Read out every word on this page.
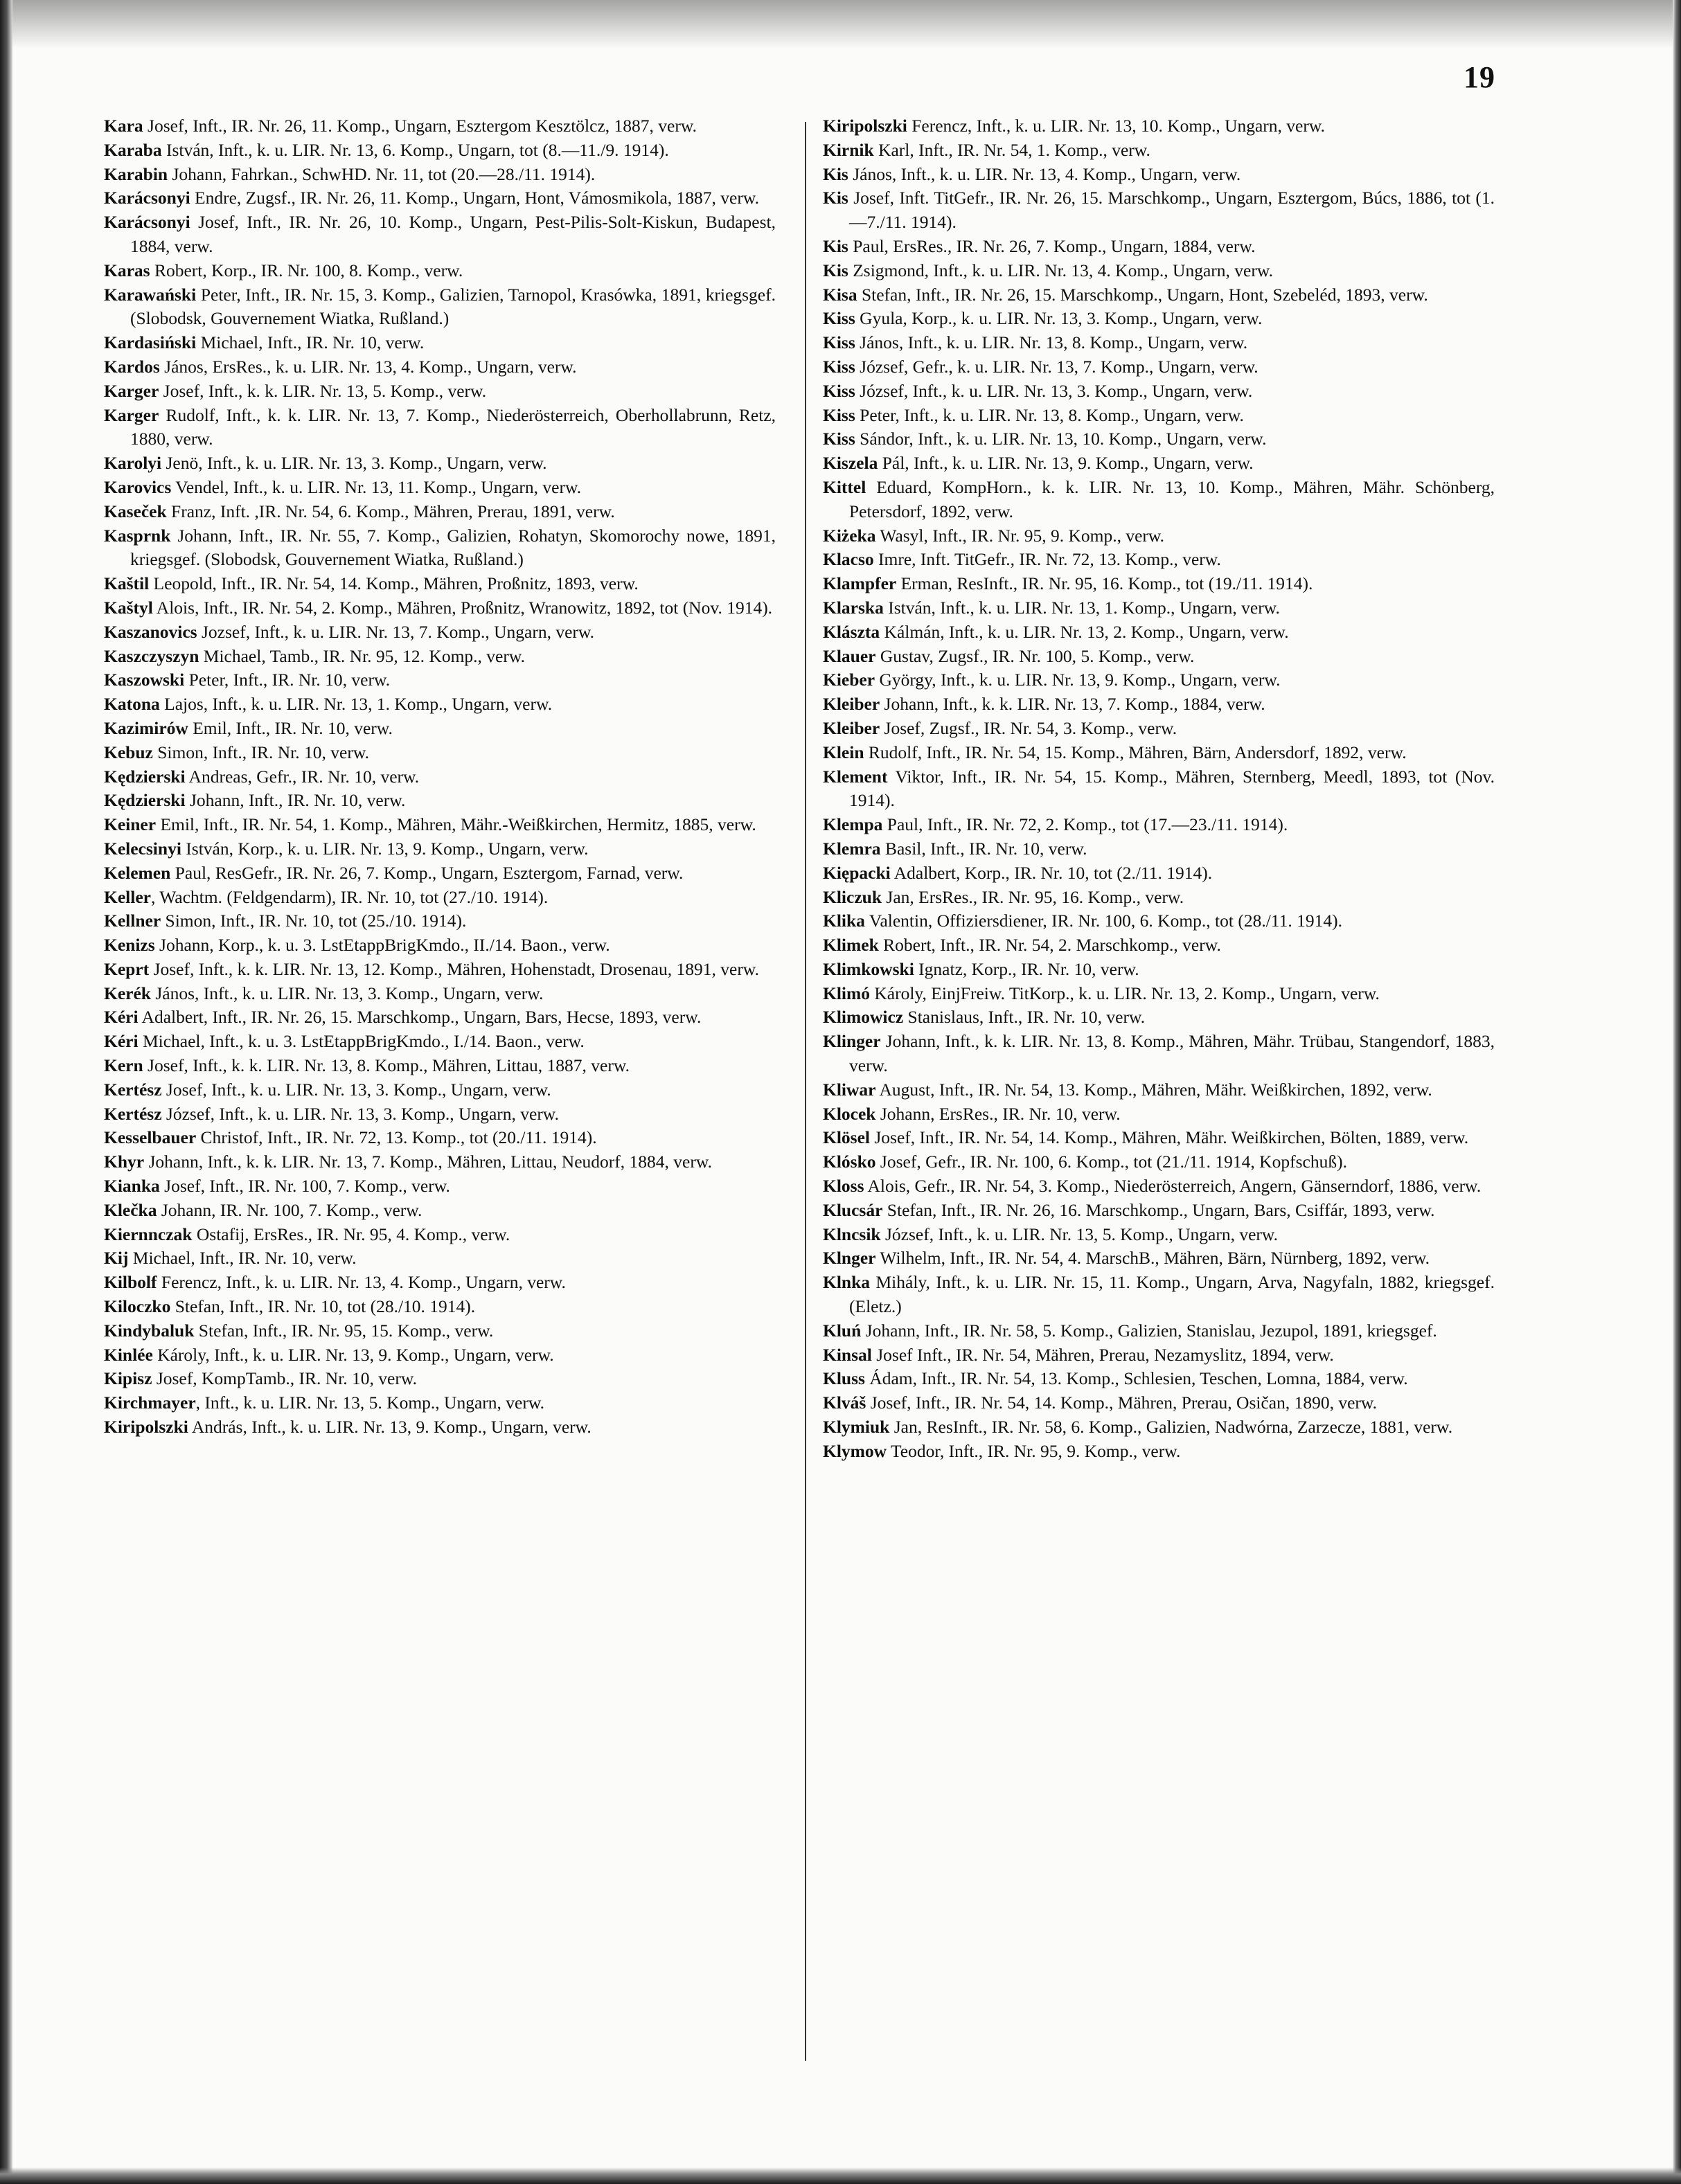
19

Kara Josef, Inft., IR. Nr. 26, 11. Komp., Ungarn, Esztergom Kesztölcz, 1887, verw.

Karaba István, Inft., k. u. LIR. Nr. 13, 6. Komp., Ungarn, tot (8.—11./9. 1914).

Karabin Johann, Fahrkan., SchwHD. Nr. 11, tot (20.—28./11. 1914).

Karácsonyi Endre, Zugsf., IR. Nr. 26, 11. Komp., Ungarn, Hont, Vámosmikola, 1887, verw.

Karácsonyi Josef, Inft., IR. Nr. 26, 10. Komp., Ungarn, Pest-Pilis-Solt-Kiskun, Budapest, 1884, verw.

Karas Robert, Korp., IR. Nr. 100, 8. Komp., verw.

Karawański Peter, Inft., IR. Nr. 15, 3. Komp., Galizien, Tarnopol, Krasówka, 1891, kriegsgef. (Slobodsk, Gouvernement Wiatka, Rußland.)

Kardasiński Michael, Inft., IR. Nr. 10, verw.

Kardos János, ErsRes., k. u. LIR. Nr. 13, 4. Komp., Ungarn, verw.

Karger Josef, Inft., k. k. LIR. Nr. 13, 5. Komp., verw.

Karger Rudolf, Inft., k. k. LIR. Nr. 13, 7. Komp., Niederösterreich, Oberhollabrunn, Retz, 1880, verw.

Karolyi Jenö, Inft., k. u. LIR. Nr. 13, 3. Komp., Ungarn, verw.

Karovics Vendel, Inft., k. u. LIR. Nr. 13, 11. Komp., Ungarn, verw.

Kaseček Franz, Inft. ,IR. Nr. 54, 6. Komp., Mähren, Prerau, 1891, verw.

Kasprnk Johann, Inft., IR. Nr. 55, 7. Komp., Galizien, Rohatyn, Skomorochy nowe, 1891, kriegsgef. (Slobodsk, Gouvernement Wiatka, Rußland.)

Kaštil Leopold, Inft., IR. Nr. 54, 14. Komp., Mähren, Proßnitz, 1893, verw.

Kaštyl Alois, Inft., IR. Nr. 54, 2. Komp., Mähren, Proßnitz, Wranowitz, 1892, tot (Nov. 1914).

Kaszanovics Jozsef, Inft., k. u. LIR. Nr. 13, 7. Komp., Ungarn, verw.

Kaszczyszyn Michael, Tamb., IR. Nr. 95, 12. Komp., verw.

Kaszowski Peter, Inft., IR. Nr. 10, verw.

Katona Lajos, Inft., k. u. LIR. Nr. 13, 1. Komp., Ungarn, verw.

Kazimirów Emil, Inft., IR. Nr. 10, verw.

Kebuz Simon, Inft., IR. Nr. 10, verw.

Kędzierski Andreas, Gefr., IR. Nr. 10, verw.

Kędzierski Johann, Inft., IR. Nr. 10, verw.

Keiner Emil, Inft., IR. Nr. 54, 1. Komp., Mähren, Mähr.-Weißkirchen, Hermitz, 1885, verw.

Kelecsinyi István, Korp., k. u. LIR. Nr. 13, 9. Komp., Ungarn, verw.

Kelemen Paul, ResGefr., IR. Nr. 26, 7. Komp., Ungarn, Esztergom, Farnad, verw.

Keller, Wachtm. (Feldgendarm), IR. Nr. 10, tot (27./10. 1914).

Kellner Simon, Inft., IR. Nr. 10, tot (25./10. 1914).

Kenizs Johann, Korp., k. u. 3. LstEtappBrigKmdo., II./14. Baon., verw.

Keprt Josef, Inft., k. k. LIR. Nr. 13, 12. Komp., Mähren, Hohenstadt, Drosenau, 1891, verw.

Kerék János, Inft., k. u. LIR. Nr. 13, 3. Komp., Ungarn, verw.

Kéri Adalbert, Inft., IR. Nr. 26, 15. Marschkomp., Ungarn, Bars, Hecse, 1893, verw.

Kéri Michael, Inft., k. u. 3. LstEtappBrigKmdo., I./14. Baon., verw.

Kern Josef, Inft., k. k. LIR. Nr. 13, 8. Komp., Mähren, Littau, 1887, verw.

Kertész Josef, Inft., k. u. LIR. Nr. 13, 3. Komp., Ungarn, verw.

Kertész József, Inft., k. u. LIR. Nr. 13, 3. Komp., Ungarn, verw.

Kesselbauer Christof, Inft., IR. Nr. 72, 13. Komp., tot (20./11. 1914).

Khyr Johann, Inft., k. k. LIR. Nr. 13, 7. Komp., Mähren, Littau, Neudorf, 1884, verw.

Kianka Josef, Inft., IR. Nr. 100, 7. Komp., verw.

Klečka Johann, IR. Nr. 100, 7. Komp., verw.

Kiernnczak Ostafij, ErsRes., IR. Nr. 95, 4. Komp., verw.

Kij Michael, Inft., IR. Nr. 10, verw.

Kilbolf Ferencz, Inft., k. u. LIR. Nr. 13, 4. Komp., Ungarn, verw.

Kiloczko Stefan, Inft., IR. Nr. 10, tot (28./10. 1914).

Kindybaluk Stefan, Inft., IR. Nr. 95, 15. Komp., verw.

Kinlée Károly, Inft., k. u. LIR. Nr. 13, 9. Komp., Ungarn, verw.

Kipisz Josef, KompTamb., IR. Nr. 10, verw.

Kirchmayer, Inft., k. u. LIR. Nr. 13, 5. Komp., Ungarn, verw.

Kiripolszki András, Inft., k. u. LIR. Nr. 13, 9. Komp., Ungarn, verw.

Kiripolszki Ferencz, Inft., k. u. LIR. Nr. 13, 10. Komp., Ungarn, verw.

Kirnik Karl, Inft., IR. Nr. 54, 1. Komp., verw.

Kis János, Inft., k. u. LIR. Nr. 13, 4. Komp., Ungarn, verw.

Kis Josef, Inft. TitGefr., IR. Nr. 26, 15. Marschkomp., Ungarn, Esztergom, Búcs, 1886, tot (1.—7./11. 1914).

Kis Paul, ErsRes., IR. Nr. 26, 7. Komp., Ungarn, 1884, verw.

Kis Zsigmond, Inft., k. u. LIR. Nr. 13, 4. Komp., Ungarn, verw.

Kisa Stefan, Inft., IR. Nr. 26, 15. Marschkomp., Ungarn, Hont, Szebeléd, 1893, verw.

Kiss Gyula, Korp., k. u. LIR. Nr. 13, 3. Komp., Ungarn, verw.

Kiss János, Inft., k. u. LIR. Nr. 13, 8. Komp., Ungarn, verw.

Kiss József, Gefr., k. u. LIR. Nr. 13, 7. Komp., Ungarn, verw.

Kiss József, Inft., k. u. LIR. Nr. 13, 3. Komp., Ungarn, verw.

Kiss Peter, Inft., k. u. LIR. Nr. 13, 8. Komp., Ungarn, verw.

Kiss Sándor, Inft., k. u. LIR. Nr. 13, 10. Komp., Ungarn, verw.

Kiszela Pál, Inft., k. u. LIR. Nr. 13, 9. Komp., Ungarn, verw.

Kittel Eduard, KompHorn., k. k. LIR. Nr. 13, 10. Komp., Mähren, Mähr. Schönberg, Petersdorf, 1892, verw.

Kiżeka Wasyl, Inft., IR. Nr. 95, 9. Komp., verw.

Klacso Imre, Inft. TitGefr., IR. Nr. 72, 13. Komp., verw.

Klampfer Erman, ResInft., IR. Nr. 95, 16. Komp., tot (19./11. 1914).

Klarska István, Inft., k. u. LIR. Nr. 13, 1. Komp., Ungarn, verw.

Klászta Kálmán, Inft., k. u. LIR. Nr. 13, 2. Komp., Ungarn, verw.

Klauer Gustav, Zugsf., IR. Nr. 100, 5. Komp., verw.

Kieber György, Inft., k. u. LIR. Nr. 13, 9. Komp., Ungarn, verw.

Kleiber Johann, Inft., k. k. LIR. Nr. 13, 7. Komp., 1884, verw.

Kleiber Josef, Zugsf., IR. Nr. 54, 3. Komp., verw.

Klein Rudolf, Inft., IR. Nr. 54, 15. Komp., Mähren, Bärn, Andersdorf, 1892, verw.

Klement Viktor, Inft., IR. Nr. 54, 15. Komp., Mähren, Sternberg, Meedl, 1893, tot (Nov. 1914).

Klempa Paul, Inft., IR. Nr. 72, 2. Komp., tot (17.—23./11. 1914).

Klemra Basil, Inft., IR. Nr. 10, verw.

Kiępacki Adalbert, Korp., IR. Nr. 10, tot (2./11. 1914).

Kliczuk Jan, ErsRes., IR. Nr. 95, 16. Komp., verw.

Klika Valentin, Offiziersdiener, IR. Nr. 100, 6. Komp., tot (28./11. 1914).

Klimek Robert, Inft., IR. Nr. 54, 2. Marschkomp., verw.

Klimkowski Ignatz, Korp., IR. Nr. 10, verw.

Klimó Károly, EinjFreiw. TitKorp., k. u. LIR. Nr. 13, 2. Komp., Ungarn, verw.

Klimowicz Stanislaus, Inft., IR. Nr. 10, verw.

Klinger Johann, Inft., k. k. LIR. Nr. 13, 8. Komp., Mähren, Mähr. Trübau, Stangendorf, 1883, verw.

Kliwar August, Inft., IR. Nr. 54, 13. Komp., Mähren, Mähr. Weißkirchen, 1892, verw.

Klocek Johann, ErsRes., IR. Nr. 10, verw.

Klösel Josef, Inft., IR. Nr. 54, 14. Komp., Mähren, Mähr. Weißkirchen, Bölten, 1889, verw.

Klósko Josef, Gefr., IR. Nr. 100, 6. Komp., tot (21./11. 1914, Kopfschuß).

Kloss Alois, Gefr., IR. Nr. 54, 3. Komp., Niederösterreich, Angern, Gänserndorf, 1886, verw.

Klucsár Stefan, Inft., IR. Nr. 26, 16. Marschkomp., Ungarn, Bars, Csiffár, 1893, verw.

Klncsik József, Inft., k. u. LIR. Nr. 13, 5. Komp., Ungarn, verw.

Klnger Wilhelm, Inft., IR. Nr. 54, 4. MarschB., Mähren, Bärn, Nürnberg, 1892, verw.

Klnka Mihály, Inft., k. u. LIR. Nr. 15, 11. Komp., Ungarn, Arva, Nagyfaln, 1882, kriegsgef. (Eletz.)

Kluń Johann, Inft., IR. Nr. 58, 5. Komp., Galizien, Stanislau, Jezupol, 1891, kriegsgef.

Kinsal Josef Inft., IR. Nr. 54, Mähren, Prerau, Nezamyslitz, 1894, verw.

Kluss Ádam, Inft., IR. Nr. 54, 13. Komp., Schlesien, Teschen, Lomna, 1884, verw.

Klváš Josef, Inft., IR. Nr. 54, 14. Komp., Mähren, Prerau, Osičan, 1890, verw.

Klymiuk Jan, ResInft., IR. Nr. 58, 6. Komp., Galizien, Nadwórna, Zarzecze, 1881, verw.

Klymow Teodor, Inft., IR. Nr. 95, 9. Komp., verw.
